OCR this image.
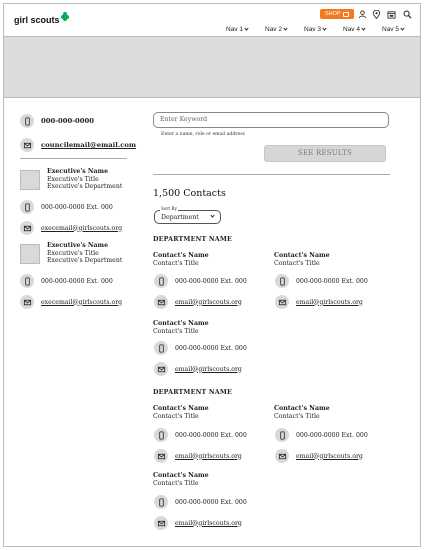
girl scouts
SHOP
Nav 1	Nav 2	Nav 3	Nav 4	Nav 5
000-000-0000
councilemail@email.com
Executive's Name
Executive's Title
Executive's Department
000-000-0000 Ext. 000
execemail@girlscouts.org
Executive's Name
Executive's Title
Executive's Department
000-000-0000 Ext. 000
execemail@girlscouts.org
Enter Keyword
Enter a name, role or email address
SEE RESULTS
1,500 Contacts
Sort By
Department
DEPARTMENT NAME
Contact's Name
Contact's Title
000-000-0000 Ext. 000
email@girlscouts.org
Contact's Name
Contact's Title
000-000-0000 Ext. 000
email@girlscouts.org
Contact's Name
Contact's Title
000-000-0000 Ext. 000
email@girlscouts.org
DEPARTMENT NAME
Contact's Name
Contact's Title
000-000-0000 Ext. 000
email@girlscouts.org
Contact's Name
Contact's Title
000-000-0000 Ext. 000
email@girlscouts.org
Contact's Name
Contact's Title
000-000-0000 Ext. 000
email@girlscouts.org
